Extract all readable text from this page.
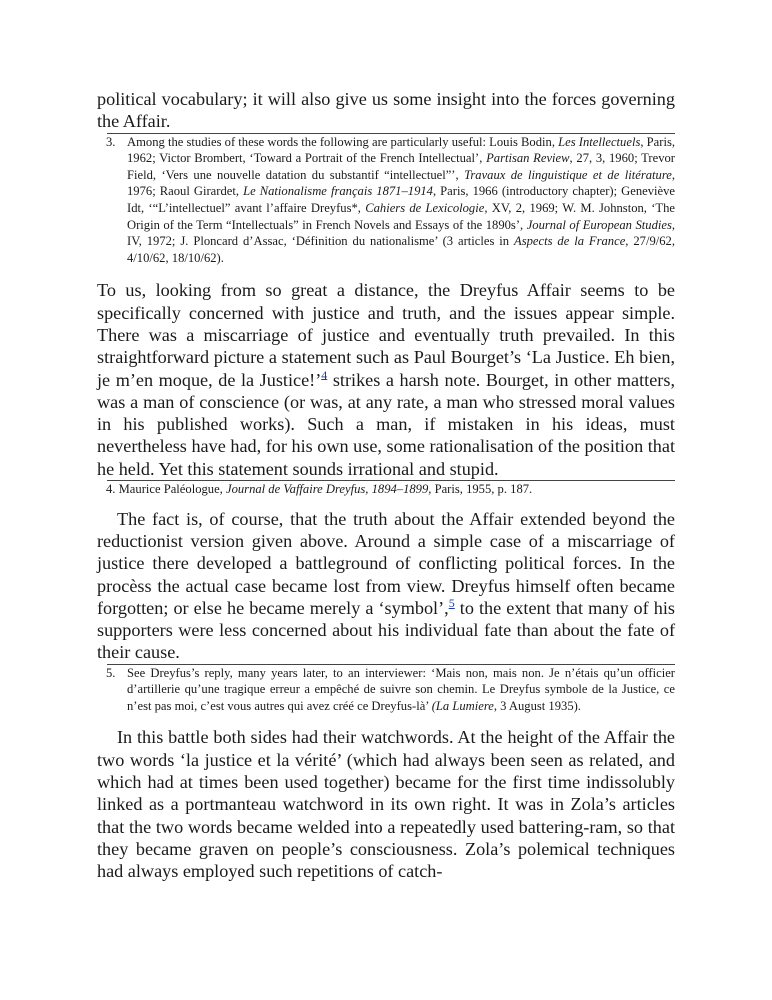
political vocabulary; it will also give us some insight into the forces governing the Affair.

3. Among the studies of these words the following are particularly useful: Louis Bodin, Les Intellectuels, Paris, 1962; Victor Brombert, ‘Toward a Portrait of the French Intellectual’, Partisan Review, 27, 3, 1960; Trevor Field, ‘Vers une nouvelle datation du substantif “intellectuel”’, Travaux de linguistique et de litérature, 1976; Raoul Girardet, Le Nationalisme français 1871–1914, Paris, 1966 (introductory chapter); Geneviève Idt, ‘“L’intellectuel” avant l’affaire Dreyfus*, Cahiers de Lexicologie, XV, 2, 1969; W. M. Johnston, ‘The Origin of the Term “Intellectuals” in French Novels and Essays of the 1890s’, Journal of European Studies, IV, 1972; J. Ploncard d’Assac, ‘Définition du nationalisme’ (3 articles in Aspects de la France, 27/9/62, 4/10/62, 18/10/62).

To us, looking from so great a distance, the Dreyfus Affair seems to be specifically concerned with justice and truth, and the issues appear simple. There was a miscarriage of justice and eventually truth prevailed. In this straightforward picture a statement such as Paul Bourget’s ‘La Justice. Eh bien, je m’en moque, de la Justice!’$^4$ strikes a harsh note. Bourget, in other matters, was a man of conscience (or was, at any rate, a man who stressed moral values in his published works). Such a man, if mistaken in his ideas, must nevertheless have had, for his own use, some rationalisation of the position that he held. Yet this statement sounds irrational and stupid.

4. Maurice Paléologue, Journal de Vaffaire Dreyfus, 1894–1899, Paris, 1955, p. 187.

The fact is, of course, that the truth about the Affair extended beyond the reductionist version given above. Around a simple case of a miscarriage of justice there developed a battleground of conflicting political forces. In the procèss the actual case became lost from view. Dreyfus himself often became forgotten; or else he became merely a ‘symbol’,$^5$ to the extent that many of his supporters were less concerned about his individual fate than about the fate of their cause.

5. See Dreyfus’s reply, many years later, to an interviewer: ‘Mais non, mais non. Je n’étais qu’un officier d’artillerie qu’une tragique erreur a empêché de suivre son chemin. Le Dreyfus symbole de la Justice, ce n’est pas moi, c’est vous autres qui avez créé ce Dreyfus-là’ (La Lumiere, 3 August 1935).

In this battle both sides had their watchwords. At the height of the Affair the two words ‘la justice et la vérité’ (which had always been seen as related, and which had at times been used together) became for the first time indissolubly linked as a portmanteau watchword in its own right. It was in Zola’s articles that the two words became welded into a repeatedly used battering-ram, so that they became graven on people’s consciousness. Zola’s polemical techniques had always employed such repetitions of catch-
